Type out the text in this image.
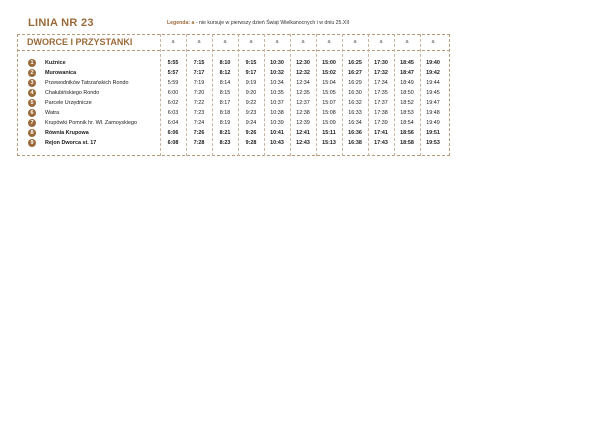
LINIA NR 23	Legenda: a - nie kursuje w pierwszy dzień Świąt Wielkanocnych i w dniu 25.XII
DWORCE I PRZYSTANKI	a	a	a	a	a	a	a	a	a	a	a
1	Kuźnice	5:55	7:15	8:10	9:15	10:30	12:30	15:00	16:25	17:30	18:45	19:40
2	Murowanica	5:57	7:17	8:12	9:17	10:32	12:32	15:02	16:27	17:32	18:47	19:42
3	Przewodników Tatrzańskich Rondo	5:59	7:19	8:14	9:19	10:34	12:34	15:04	16:29	17:34	18:49	19:44
4	Chałubińskiego Rondo	6:00	7:20	8:15	9:20	10:35	12:35	15:05	16:30	17:35	18:50	19:45
5	Parcele Urzędnicze	6:02	7:22	8:17	9:22	10:37	12:37	15:07	16:32	17:37	18:52	19:47
6	Watra	6:03	7:23	8:18	9:23	10:38	12:38	15:08	16:33	17:38	18:53	19:48
7	Krupówki Pomnik hr. Wł. Zamoyskiego	6:04	7:24	8:19	9:24	10:39	12:39	15:09	16:34	17:39	18:54	19:49
8	Równia Krupowa	6:06	7:26	8:21	9:26	10:41	12:41	15:11	16:36	17:41	18:56	19:51
9	Rejon Dworca st. 17	6:08	7:28	8:23	9:28	10:43	12:43	15:13	16:38	17:43	18:58	19:53
